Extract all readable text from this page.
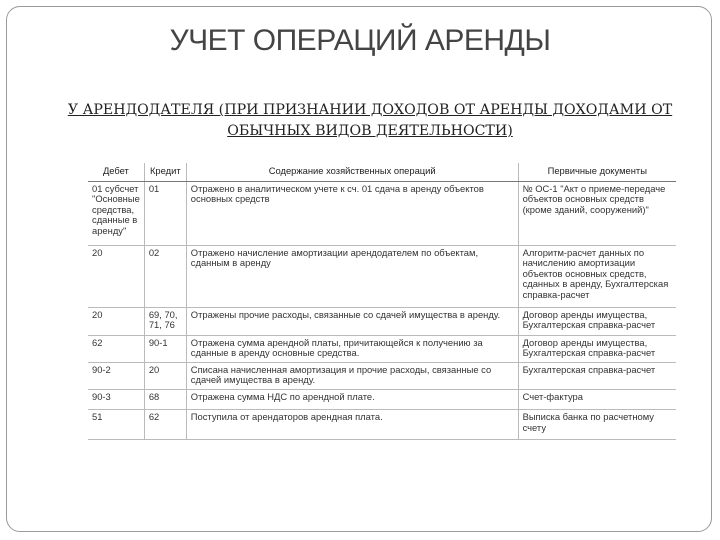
УЧЕТ ОПЕРАЦИЙ АРЕНДЫ
У АРЕНДОДАТЕЛЯ (ПРИ ПРИЗНАНИИ ДОХОДОВ ОТ АРЕНДЫ ДОХОДАМИ ОТ ОБЫЧНЫХ ВИДОВ ДЕЯТЕЛЬНОСТИ)
Дебет	Кредит	Содержание хозяйственных операций	Первичные документы
01 субсчет "Основные средства, сданные в аренду"	01	Отражено в аналитическом учете к сч. 01 сдача в аренду объектов основных средств	№ ОС-1 "Акт о приеме-передаче объектов основных средств (кроме зданий, сооружений)"
20	02	Отражено начисление амортизации арендодателем по объектам, сданным в аренду	Алгоритм-расчет данных по начислению амортизации объектов основных средств, сданных в аренду, Бухгалтерская справка-расчет
20	69, 70, 71, 76	Отражены прочие расходы, связанные со сдачей имущества в аренду.	Договор аренды имущества, Бухгалтерская справка-расчет
62	90-1	Отражена сумма арендной платы, причитающейся к получению за сданные в аренду основные средства.	Договор аренды имущества, Бухгалтерская справка-расчет
90-2	20	Списана начисленная амортизация и прочие расходы, связанные со сдачей имущества в аренду.	Бухгалтерская справка-расчет
90-3	68	Отражена сумма НДС по арендной плате.	Счет-фактура
51	62	Поступила от арендаторов арендная плата.	Выписка банка по расчетному счету
